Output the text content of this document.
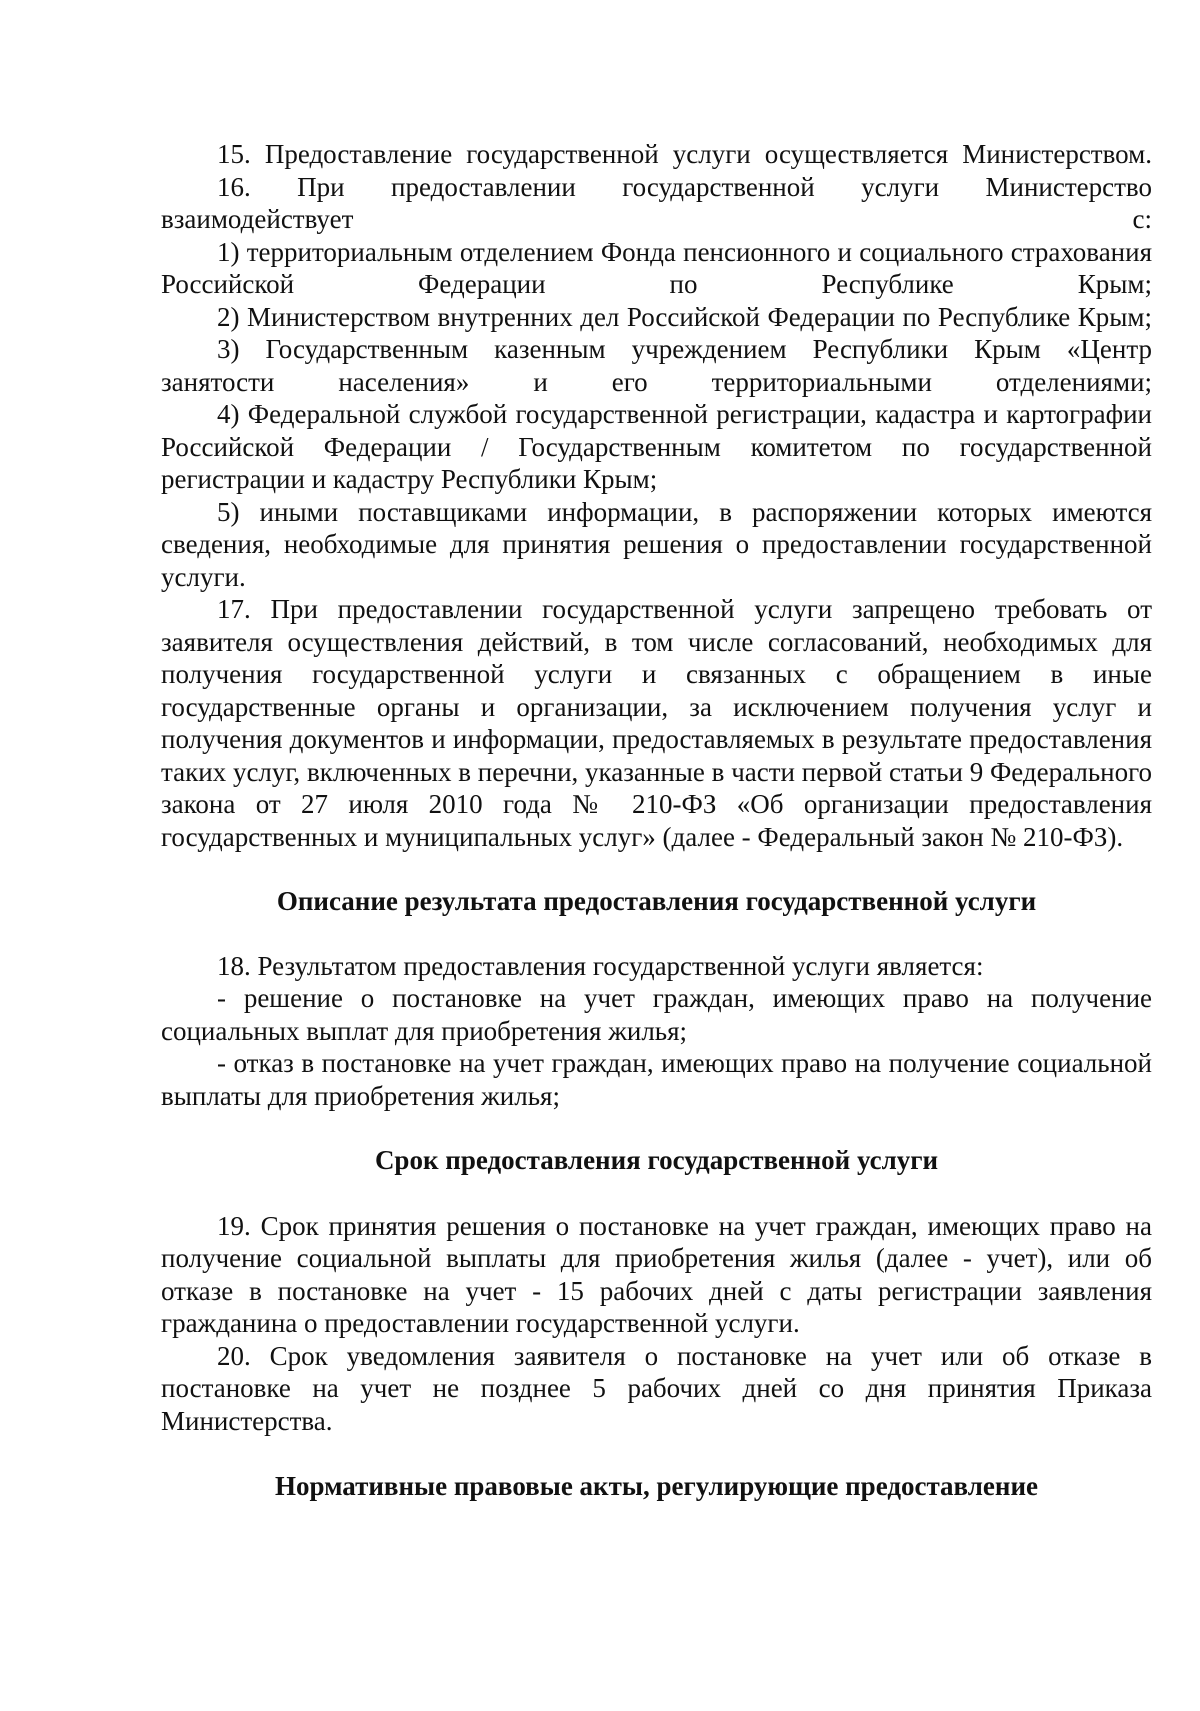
15. Предоставление государственной услуги осуществляется Министерством.

16. При предоставлении государственной услуги Министерство взаимодействует с:

1) территориальным отделением Фонда пенсионного и социального страхования Российской Федерации по Республике Крым;

2) Министерством внутренних дел Российской Федерации по Республике Крым;

3) Государственным казенным учреждением Республики Крым «Центр занятости населения» и его территориальными отделениями;

4) Федеральной службой государственной регистрации, кадастра и картографии Российской Федерации / Государственным комитетом по государственной регистрации и кадастру Республики Крым;

5) иными поставщиками информации, в распоряжении которых имеются сведения, необходимые для принятия решения о предоставлении государственной услуги.

17. При предоставлении государственной услуги запрещено требовать от заявителя осуществления действий, в том числе согласований, необходимых для получения государственной услуги и связанных с обращением в иные государственные органы и организации, за исключением получения услуг и получения документов и информации, предоставляемых в результате предоставления таких услуг, включенных в перечни, указанные в части первой статьи 9 Федерального закона от 27 июля 2010 года № 210-ФЗ «Об организации предоставления государственных и муниципальных услуг» (далее - Федеральный закон № 210-ФЗ).

Описание результата предоставления государственной услуги

18. Результатом предоставления государственной услуги является:

- решение о постановке на учет граждан, имеющих право на получение социальных выплат для приобретения жилья;

- отказ в постановке на учет граждан, имеющих право на получение социальной выплаты для приобретения жилья;

Срок предоставления государственной услуги

19. Срок принятия решения о постановке на учет граждан, имеющих право на получение социальной выплаты для приобретения жилья (далее - учет), или об отказе в постановке на учет - 15 рабочих дней с даты регистрации заявления гражданина о предоставлении государственной услуги.

20. Срок уведомления заявителя о постановке на учет или об отказе в постановке на учет не позднее 5 рабочих дней со дня принятия Приказа Министерства.

Нормативные правовые акты, регулирующие предоставление
